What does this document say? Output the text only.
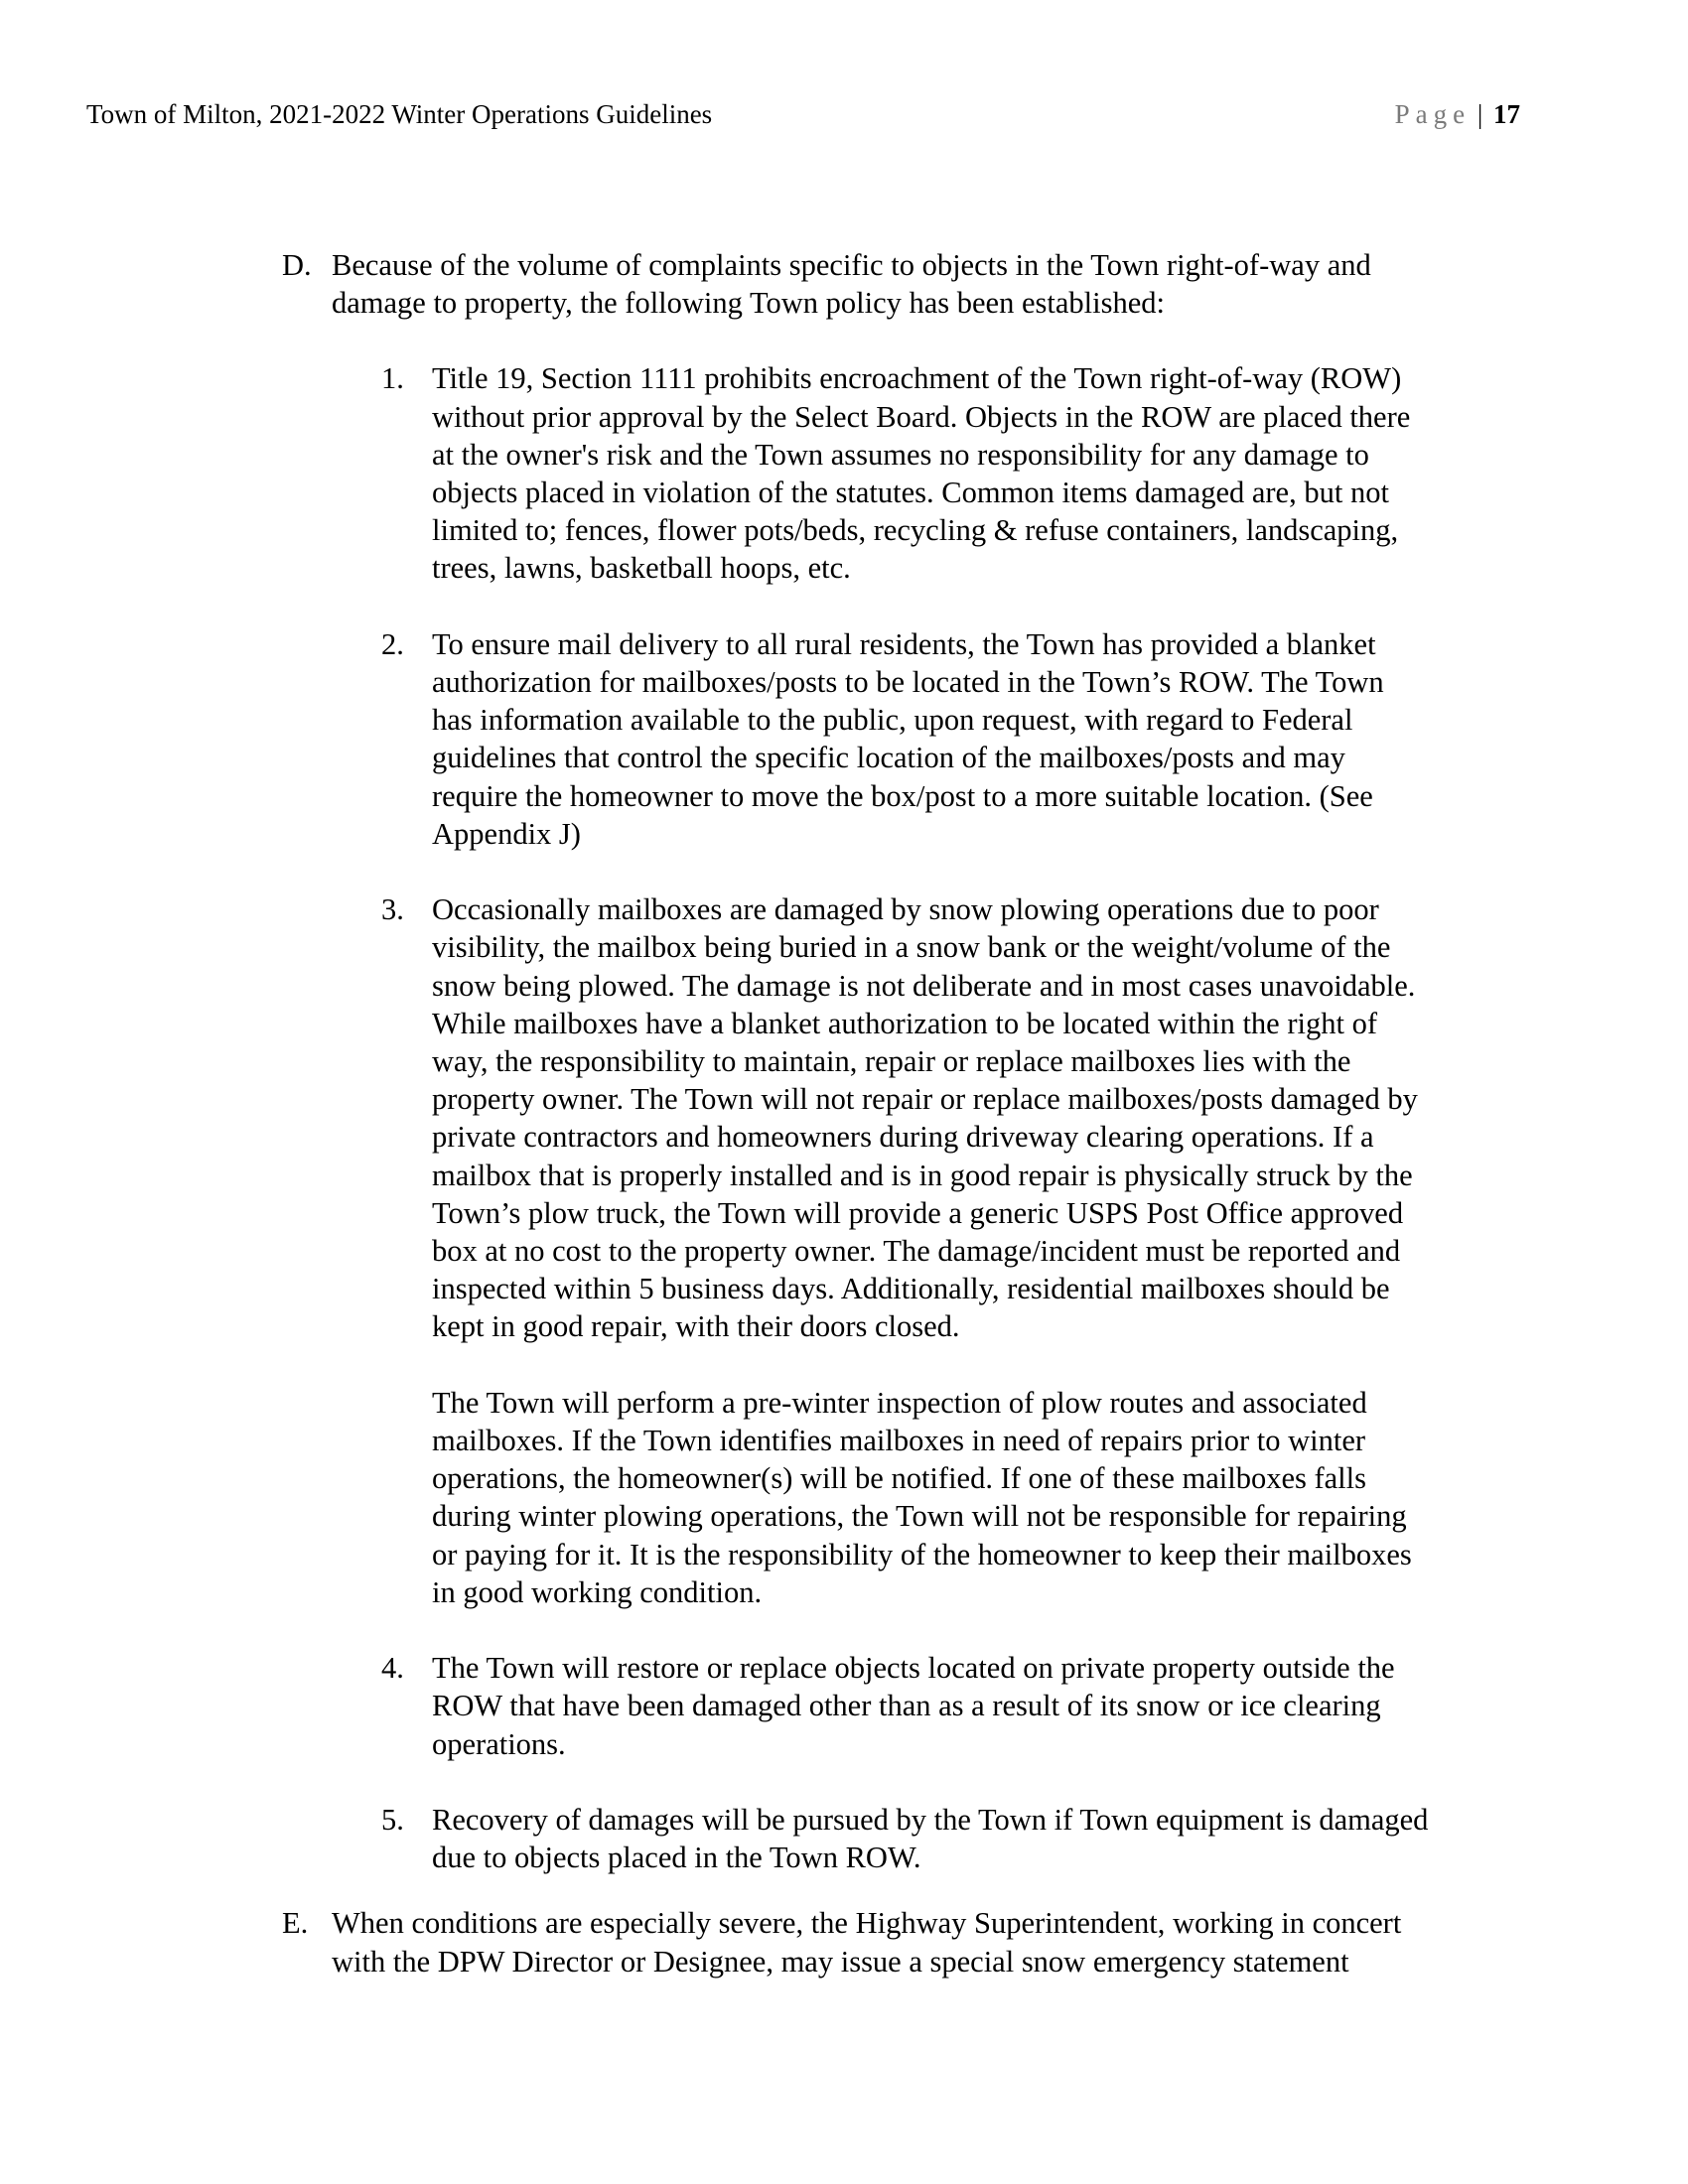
Town of Milton, 2021-2022 Winter Operations Guidelines	Page | 17
D. Because of the volume of complaints specific to objects in the Town right-of-way and
damage to property, the following Town policy has been established:
1. Title 19, Section 1111 prohibits encroachment of the Town right-of-way (ROW)
without prior approval by the Select Board. Objects in the ROW are placed there
at the owner's risk and the Town assumes no responsibility for any damage to
objects placed in violation of the statutes. Common items damaged are, but not
limited to; fences, flower pots/beds, recycling & refuse containers, landscaping,
trees, lawns, basketball hoops, etc.

2. To ensure mail delivery to all rural residents, the Town has provided a blanket
authorization for mailboxes/posts to be located in the Town’s ROW. The Town
has information available to the public, upon request, with regard to Federal
guidelines that control the specific location of the mailboxes/posts and may
require the homeowner to move the box/post to a more suitable location. (See
Appendix J)

3. Occasionally mailboxes are damaged by snow plowing operations due to poor
visibility, the mailbox being buried in a snow bank or the weight/volume of the
snow being plowed. The damage is not deliberate and in most cases unavoidable.
While mailboxes have a blanket authorization to be located within the right of
way, the responsibility to maintain, repair or replace mailboxes lies with the
property owner. The Town will not repair or replace mailboxes/posts damaged by
private contractors and homeowners during driveway clearing operations. If a
mailbox that is properly installed and is in good repair is physically struck by the
Town’s plow truck, the Town will provide a generic USPS Post Office approved
box at no cost to the property owner. The damage/incident must be reported and
inspected within 5 business days. Additionally, residential mailboxes should be
kept in good repair, with their doors closed.

The Town will perform a pre-winter inspection of plow routes and associated
mailboxes. If the Town identifies mailboxes in need of repairs prior to winter
operations, the homeowner(s) will be notified. If one of these mailboxes falls
during winter plowing operations, the Town will not be responsible for repairing
or paying for it. It is the responsibility of the homeowner to keep their mailboxes
in good working condition.

4. The Town will restore or replace objects located on private property outside the
ROW that have been damaged other than as a result of its snow or ice clearing
operations.

5. Recovery of damages will be pursued by the Town if Town equipment is damaged
due to objects placed in the Town ROW.

E. When conditions are especially severe, the Highway Superintendent, working in concert
with the DPW Director or Designee, may issue a special snow emergency statement
